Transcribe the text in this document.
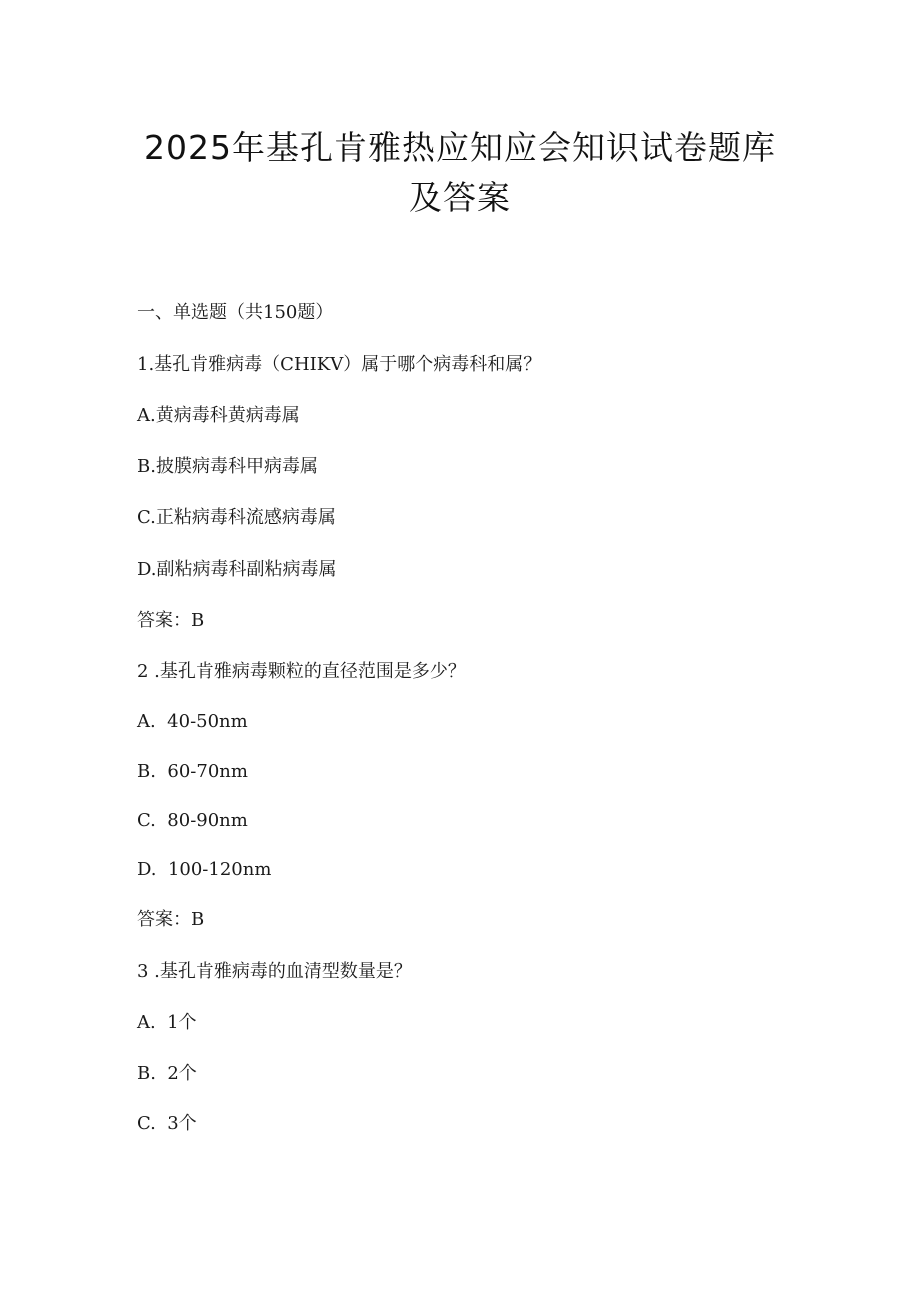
2025年基孔肯雅热应知应会知识试卷题库
及答案
一、单选题（共150题）
1.基孔肯雅病毒（CHIKV）属于哪个病毒科和属？
A.黄病毒科黄病毒属
B.披膜病毒科甲病毒属
C.正粘病毒科流感病毒属
D.副粘病毒科副粘病毒属
答案：B
2 .基孔肯雅病毒颗粒的直径范围是多少？
A.  40-50nm
B.  60-70nm
C.  80-90nm
D.  100-120nm
答案：B
3 .基孔肯雅病毒的血清型数量是？
A.  1个
B.  2个
C.  3个
